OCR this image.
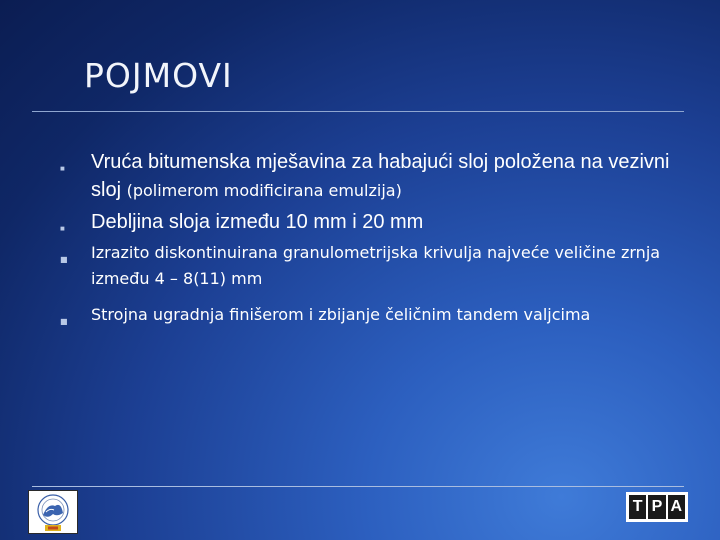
POJMOVI
■ Vruća bitumenska mješavina za habajući sloj položena na vezivni sloj (polimerom modificirana emulzija)
■ Debljina sloja između 10 mm i 20 mm
■ Izrazito diskontinuirana granulometrijska krivulja najveće veličine zrnja između 4 – 8(11) mm
■ Strojna ugradnja finišerom i zbijanje čeličnim tandem valjcima
T P A
